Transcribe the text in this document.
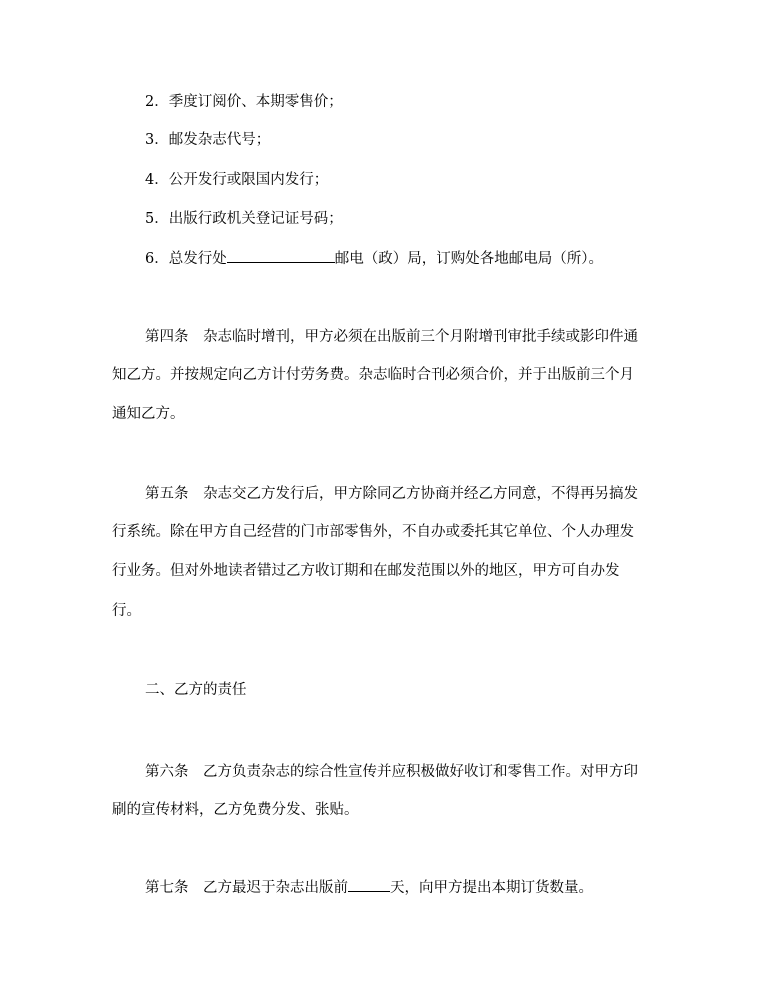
2．季度订阅价、本期零售价；
3．邮发杂志代号；
4．公开发行或限国内发行；
5．出版行政机关登记证号码；
6．总发行处	邮电（政）局，订购处各地邮电局（所）。
第四条　杂志临时增刊，甲方必须在出版前三个月附增刊审批手续或影印件通
知乙方。并按规定向乙方计付劳务费。杂志临时合刊必须合价，并于出版前三个月
通知乙方。
第五条　杂志交乙方发行后，甲方除同乙方协商并经乙方同意，不得再另搞发
行系统。除在甲方自己经营的门市部零售外，不自办或委托其它单位、个人办理发
行业务。但对外地读者错过乙方收订期和在邮发范围以外的地区，甲方可自办发
行。
二、乙方的责任
第六条　乙方负责杂志的综合性宣传并应积极做好收订和零售工作。对甲方印
刷的宣传材料，乙方免费分发、张贴。
第七条　乙方最迟于杂志出版前	天，向甲方提出本期订货数量。
